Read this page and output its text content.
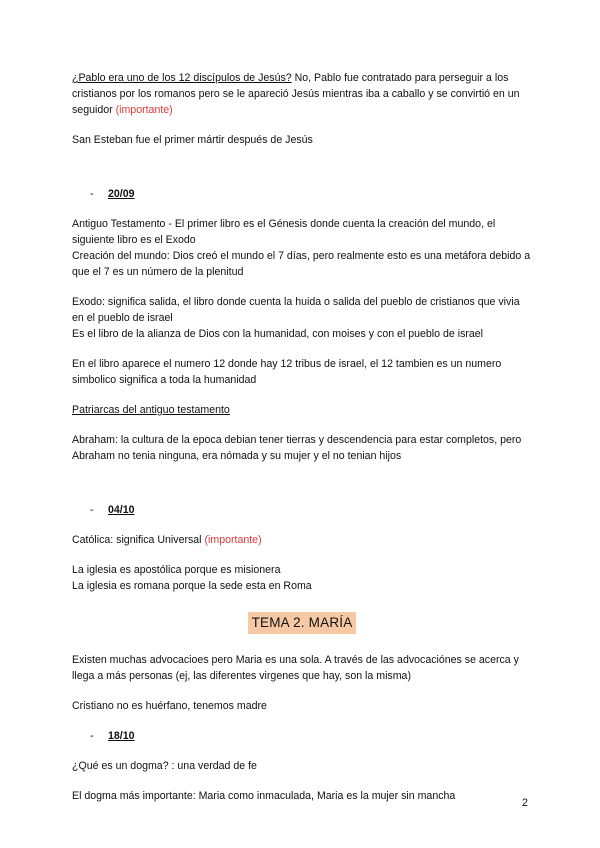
¿Pablo era uno de los 12 discípulos de Jesús? No, Pablo fue contratado para perseguir a los cristianos por los romanos pero se le apareció Jesús mientras iba a caballo y se convirtió en un seguidor (importante)

San Esteban fue el primer mártir después de Jesús

-	20/09

Antiguo Testamento - El primer libro es el Génesis donde cuenta la creación del mundo, el siguiente libro es el Exodo

Creación del mundo: Dios creó el mundo el 7 días, pero realmente esto es una metáfora debido a que el 7 es un número de la plenitud

Exodo: significa salida, el libro donde cuenta la huida o salida del pueblo de cristianos que vivia en el pueblo de israel

Es el libro de la alianza de Dios con la humanidad, con moises y con el pueblo de israel

En el libro aparece el numero 12 donde hay 12 tribus de israel, el 12 tambien es un numero simbolico significa a toda la humanidad

Patriarcas del antiguo testamento

Abraham: la cultura de la epoca debian tener tierras y descendencia para estar completos, pero Abraham no tenia ninguna, era nómada y su mujer y el no tenian hijos

-	04/10

Católica: significa Universal (importante)

La iglesia es apostólica porque es misionera

La iglesia es romana porque la sede esta en Roma

TEMA 2. MARÍA

Existen muchas advocacioes pero Maria es una sola. A través de las advocaciónes se acerca y llega a más personas (ej, las diferentes virgenes que hay, son la misma)

Cristiano no es huérfano, tenemos madre

-	18/10

¿Qué es un dogma? : una verdad de fe

El dogma más importante: Maria como inmaculada, Maria es la mujer sin mancha

2
